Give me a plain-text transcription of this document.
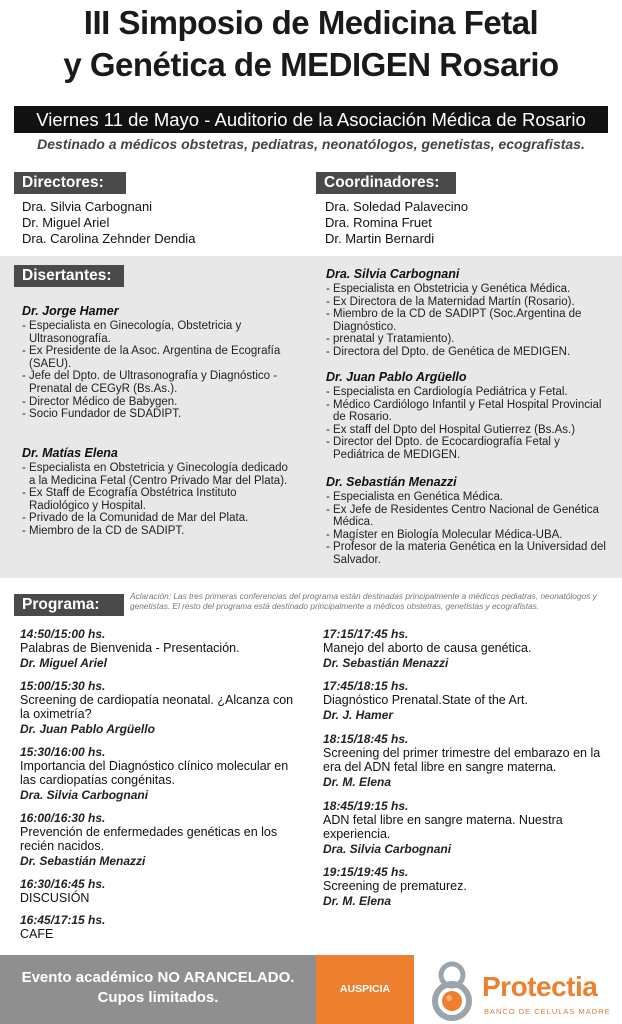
III Simposio de Medicina Fetal
y Genética de MEDIGEN Rosario
Viernes 11 de Mayo - Auditorio de la Asociación Médica de Rosario
Destinado a médicos obstetras, pediatras, neonatólogos, genetistas, ecografistas.
Directores:	Coordinadores:
Dra. Silvia Carbognani
Dr. Miguel Ariel
Dra. Carolina Zehnder Dendia
Dra. Soledad Palavecino
Dra. Romina Fruet
Dr. Martin Bernardi
Disertantes:
Dr. Jorge Hamer
- Especialista en Ginecología, Obstetricia y Ultrasonografía.
- Ex Presidente de la Asoc. Argentina de Ecografía (SAEU).
- Jefe del Dpto. de Ultrasonografía y Diagnóstico - Prenatal de CEGyR (Bs.As.).
- Director Médico de Babygen.
- Socio Fundador de SDADIPT.
Dr. Matías Elena
- Especialista en Obstetricia y Ginecología dedicado a la Medicina Fetal (Centro Privado Mar del Plata).
- Ex Staff de Ecografía Obstétrica Instituto Radiológico y Hospital.
- Privado de la Comunidad de Mar del Plata.
- Miembro de la CD de SADIPT.
Dra. Silvia Carbognani
- Especialista en Obstetricia y Genética Médica.
- Ex Directora de la Maternidad Martín (Rosario).
- Miembro de la CD de SADIPT (Soc.Argentina de Diagnóstico.
- prenatal y Tratamiento).
- Directora del Dpto. de Genética de MEDIGEN.
Dr. Juan Pablo Argüello
- Especialista en Cardiología Pediátrica y Fetal.
- Médico Cardiólogo Infantil y Fetal Hospital Provincial de Rosario.
- Ex staff del Dpto del Hospital Gutierrez (Bs.As.)
- Director del Dpto. de Ecocardiografía Fetal y Pediátrica de MEDIGEN.
Dr. Sebastián Menazzi
- Especialista en Genética Médica.
- Ex Jefe de Residentes Centro Nacional de Genética Médica.
- Magíster en Biología Molecular Médica-UBA.
- Profesor de la materia Genética en la Universidad del Salvador.
Programa:	Aclaración: Las tres primeras conferencias del programa están destinadas principalmente a médicos pediatras, neonatólogos y genetistas. El resto del programa está destinado principalmente a médicos obstetras, genetistas y ecografistas.
14:50/15:00 hs.
Palabras de Bienvenida - Presentación.
Dr. Miguel Ariel
15:00/15:30 hs.
Screening de cardiopatía neonatal. ¿Alcanza con la oximetría?
Dr. Juan Pablo Argüello
15:30/16:00 hs.
Importancia del Diagnóstico clínico molecular en las cardiopatías congénitas.
Dra. Silvia Carbognani
16:00/16:30 hs.
Prevención de enfermedades genéticas en los recién nacidos.
Dr. Sebastián Menazzi
16:30/16:45 hs.
DISCUSIÓN
16:45/17:15 hs.
CAFE
17:15/17:45 hs.
Manejo del aborto de causa genética.
Dr. Sebastián Menazzi
17:45/18:15 hs.
Diagnóstico Prenatal.State of the Art.
Dr. J. Hamer
18:15/18:45 hs.
Screening del primer trimestre del embarazo en la era del ADN fetal libre en sangre materna.
Dr. M. Elena
18:45/19:15 hs.
ADN fetal libre en sangre materna. Nuestra experiencia.
Dra. Silvia Carbognani
19:15/19:45 hs.
Screening de prematurez.
Dr. M. Elena
Evento académico NO ARANCELADO.
Cupos limitados.	AUSPICIA	Protectia
BANCO DE CELULAS MADRE
